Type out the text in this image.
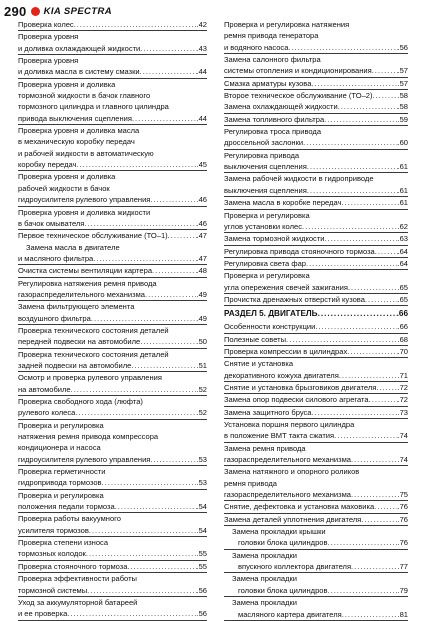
290 KIA SPECTRA
Проверка колес .....	.42
Проверка уровня
и доливка охлаждающей жидкости .....	.43
Проверка уровня
и доливка масла в систему смазки .....	.44
Проверка уровня и доливка
тормозной жидкости в бачок главного
тормозного цилиндра и главного цилиндра
привода выключения сцепления .....	.44
Проверка уровня и доливка масла
в механическую коробку передач
и рабочей жидкости в автоматическую
коробку передач .....	.45
Проверка уровня и доливка
рабочей жидкости в бачок
гидроусилителя рулевого управления .....	.46
Проверка уровня и доливка жидкости
в бачок омывателя .....	.46
Первое техническое обслуживание (ТО–1) .....	.47
Замена масла в двигателе
и масляного фильтра .....	.47
Очистка системы вентиляции картера .....	.48
Регулировка натяжения ремня привода
газораспределительного механизма .....	.49
Замена фильтрующего элемента
воздушного фильтра .....	.49
Проверка технического состояния деталей
передней подвески на автомобиле .....	.50
Проверка технического состояния деталей
задней подвески на автомобиле .....	.51
Осмотр и проверка рулевого управления
на автомобиле .....	.52
Проверка свободного хода (люфта)
рулевого колеса .....	.52
Проверка и регулировка
натяжения ремня привода компрессора
кондиционера и насоса
гидроусилителя рулевого управления .....	.53
Проверка герметичности
гидропривода тормозов .....	.53
Проверка и регулировка
положения педали тормоза .....	.54
Проверка работы вакуумного
усилителя тормозов .....	.54
Проверка степени износа
тормозных колодок .....	.55
Проверка стояночного тормоза .....	.55
Проверка эффективности работы
тормозной системы .....	.56
Уход за аккумуляторной батареей
и ее проверка .....	.56
Проверка и регулировка натяжения
ремня привода генератора
и водяного насоса .....	.56
Замена салонного фильтра
системы отопления и кондиционирования .....	.57
Смазка арматуры кузова .....	.57
Второе техническое обслуживание (ТО–2) .....	.58
Замена охлаждающей жидкости .....	.58
Замена топливного фильтра .....	.59
Регулировка троса привода
дроссельной заслонки .....	.60
Регулировка привода
выключения сцепления .....	.61
Замена рабочей жидкости в гидроприводе
выключения сцепления .....	.61
Замена масла в коробке передач .....	.61
Проверка и регулировка
углов установки колес .....	.62
Замена тормозной жидкости .....	.63
Регулировка привода стояночного тормоза .....	.64
Регулировка света фар .....	.64
Проверка и регулировка
угла опережения свечей зажигания .....	.65
Прочистка дренажных отверстий кузова .....	.65
РАЗДЕЛ 5. ДВИГАТЕЛЬ .....	.66
Особенности конструкции .....	.66
Полезные советы .....	.68
Проверка компрессии в цилиндрах .....	.70
Снятие и установка
декоративного кожуха двигателя .....	.71
Снятие и установка брызговиков двигателя .....	.72
Замена опор подвески силового агрегата .....	.72
Замена защитного бруса .....	.73
Установка поршня первого цилиндра
в положение ВМТ такта сжатия .....	.74
Замена ремня привода
газораспределительного механизма .....	.74
Замена натяжного и опорного роликов
ремня привода
газораспределительного механизма .....	.75
Снятие, дефектовка и установка маховика .....	.76
Замена деталей уплотнения двигателя .....	.76
Замена прокладки крышки
головки блока цилиндров .....	.76
Замена прокладки
впускного коллектора двигателя .....	.77
Замена прокладки
головки блока цилиндров .....	.79
Замена прокладки
масляного картера двигателя .....	.81
